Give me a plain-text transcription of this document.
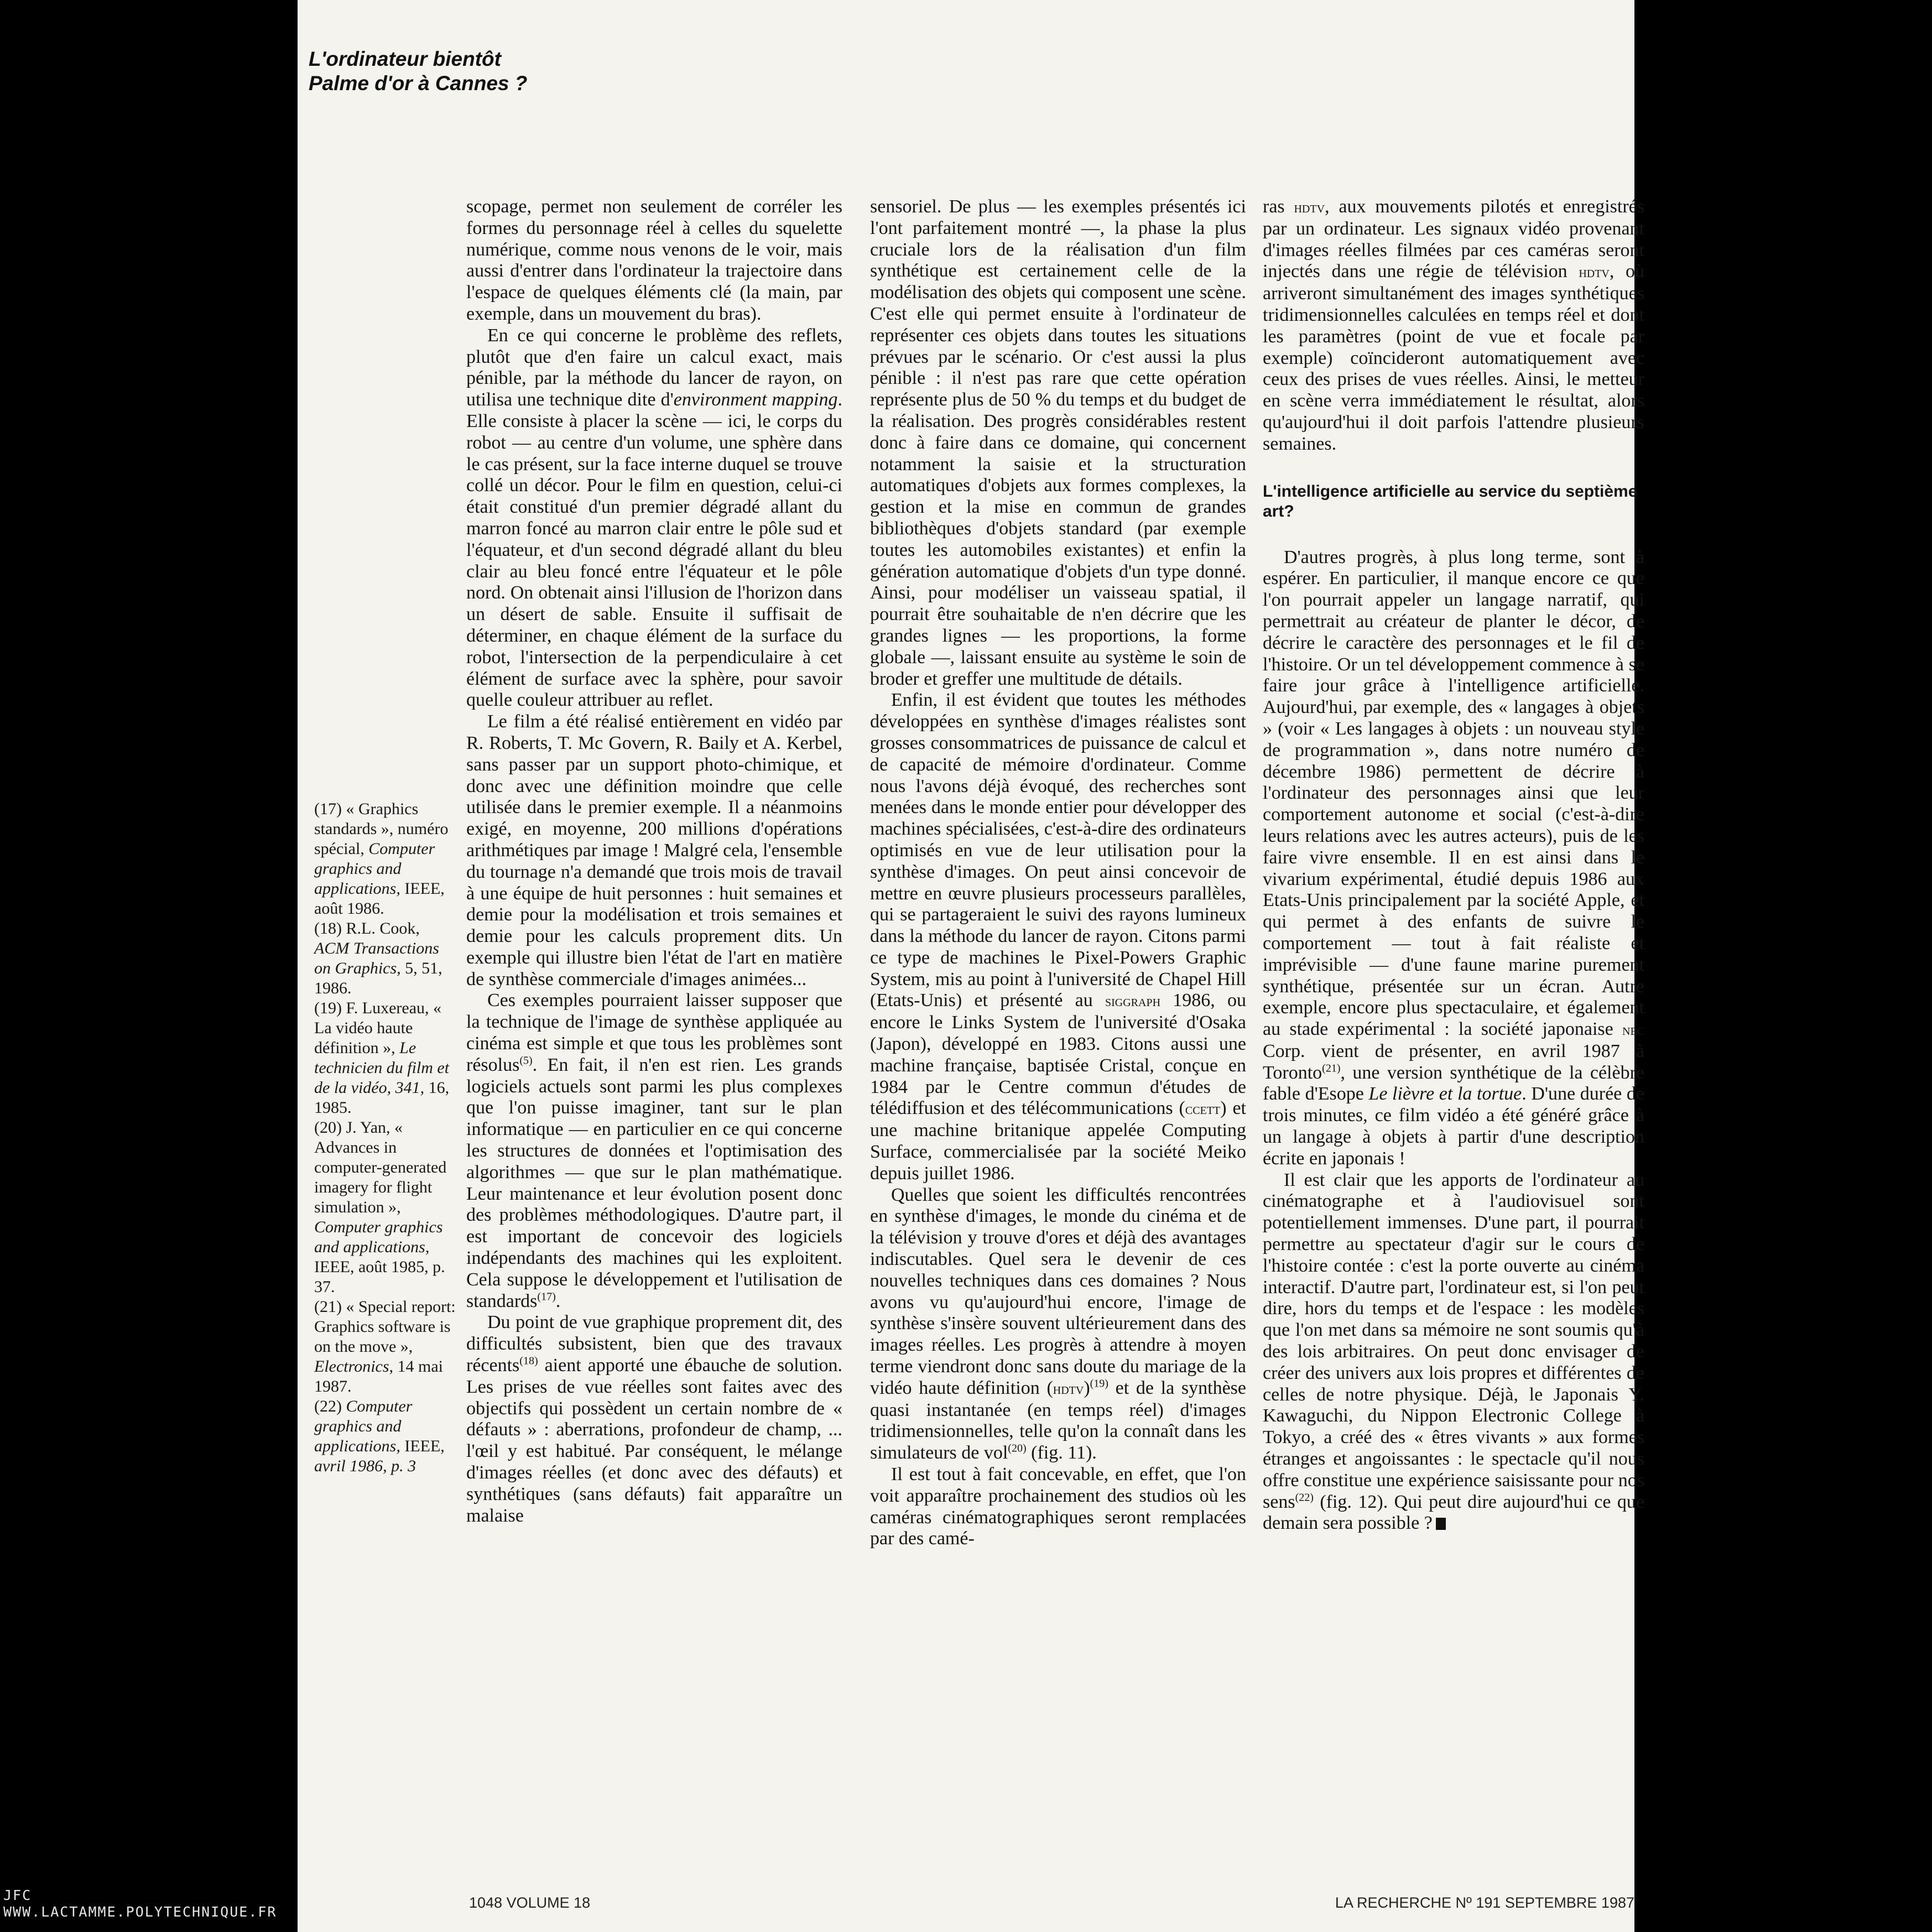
L'ordinateur bientôt
Palme d'or à Cannes ?

(17) « Graphics standards », numéro spécial, Computer graphics and applications, IEEE, août 1986.

(18) R.L. Cook, ACM Transactions on Graphics, 5, 51, 1986.

(19) F. Luxereau, « La vidéo haute définition », Le technicien du film et de la vidéo, 341, 16, 1985.

(20) J. Yan, « Advances in computer-generated imagery for flight simulation », Computer graphics and applications, IEEE, août 1985, p. 37.

(21) « Special report: Graphics software is on the move », Electronics, 14 mai 1987.

(22) Computer graphics and applications, IEEE,

avril 1986, p. 3

scopage, permet non seulement de corréler les formes du personnage réel à celles du squelette numérique, comme nous venons de le voir, mais aussi d'entrer dans l'ordinateur la trajectoire dans l'espace de quelques éléments clé (la main, par exemple, dans un mouvement du bras).

En ce qui concerne le problème des reflets, plutôt que d'en faire un calcul exact, mais pénible, par la méthode du lancer de rayon, on utilisa une technique dite d'environment mapping. Elle consiste à placer la scène — ici, le corps du robot — au centre d'un volume, une sphère dans le cas présent, sur la face interne duquel se trouve collé un décor. Pour le film en question, celui-ci était constitué d'un premier dégradé allant du marron foncé au marron clair entre le pôle sud et l'équateur, et d'un second dégradé allant du bleu clair au bleu foncé entre l'équateur et le pôle nord. On obtenait ainsi l'illusion de l'horizon dans un désert de sable. Ensuite il suffisait de déterminer, en chaque élément de la surface du robot, l'intersection de la perpendiculaire à cet élément de surface avec la sphère, pour savoir quelle couleur attribuer au reflet.

Le film a été réalisé entièrement en vidéo par R. Roberts, T. Mc Govern, R. Baily et A. Kerbel, sans passer par un support photo-chimique, et donc avec une définition moindre que celle utilisée dans le premier exemple. Il a néanmoins exigé, en moyenne, 200 millions d'opérations arithmétiques par image ! Malgré cela, l'ensemble du tournage n'a demandé que trois mois de travail à une équipe de huit personnes : huit semaines et demie pour la modélisation et trois semaines et demie pour les calculs proprement dits. Un exemple qui illustre bien l'état de l'art en matière de synthèse commerciale d'images animées...

Ces exemples pourraient laisser supposer que la technique de l'image de synthèse appliquée au cinéma est simple et que tous les problèmes sont résolus$^{(5)}$. En fait, il n'en est rien. Les grands logiciels actuels sont parmi les plus complexes que l'on puisse imaginer, tant sur le plan informatique — en particulier en ce qui concerne les structures de données et l'optimisation des algorithmes — que sur le plan mathématique. Leur maintenance et leur évolution posent donc des problèmes méthodologiques. D'autre part, il est important de concevoir des logiciels indépendants des machines qui les exploitent. Cela suppose le développement et l'utilisation de standards$^{(17)}$.

Du point de vue graphique proprement dit, des difficultés subsistent, bien que des travaux récents$^{(18)}$ aient apporté une ébauche de solution. Les prises de vue réelles sont faites avec des objectifs qui possèdent un certain nombre de « défauts » : aberrations, profondeur de champ, ... l'œil y est habitué. Par conséquent, le mélange d'images réelles (et donc avec des défauts) et synthétiques (sans défauts) fait apparaître un malaise

sensoriel. De plus — les exemples présentés ici l'ont parfaitement montré —, la phase la plus cruciale lors de la réalisation d'un film synthétique est certainement celle de la modélisation des objets qui composent une scène. C'est elle qui permet ensuite à l'ordinateur de représenter ces objets dans toutes les situations prévues par le scénario. Or c'est aussi la plus pénible : il n'est pas rare que cette opération représente plus de 50 % du temps et du budget de la réalisation. Des progrès considérables restent donc à faire dans ce domaine, qui concernent notamment la saisie et la structuration automatiques d'objets aux formes complexes, la gestion et la mise en commun de grandes bibliothèques d'objets standard (par exemple toutes les automobiles existantes) et enfin la génération automatique d'objets d'un type donné. Ainsi, pour modéliser un vaisseau spatial, il pourrait être souhaitable de n'en décrire que les grandes lignes — les proportions, la forme globale —, laissant ensuite au système le soin de broder et greffer une multitude de détails.

Enfin, il est évident que toutes les méthodes développées en synthèse d'images réalistes sont grosses consommatrices de puissance de calcul et de capacité de mémoire d'ordinateur. Comme nous l'avons déjà évoqué, des recherches sont menées dans le monde entier pour développer des machines spécialisées, c'est-à-dire des ordinateurs optimisés en vue de leur utilisation pour la synthèse d'images. On peut ainsi concevoir de mettre en œuvre plusieurs processeurs parallèles, qui se partageraient le suivi des rayons lumineux dans la méthode du lancer de rayon. Citons parmi ce type de machines le Pixel-Powers Graphic System, mis au point à l'université de Chapel Hill (Etats-Unis) et présenté au siggraph 1986, ou encore le Links System de l'université d'Osaka (Japon), développé en 1983. Citons aussi une machine française, baptisée Cristal, conçue en 1984 par le Centre commun d'études de télédiffusion et des télécommunications (ccett) et une machine britanique appelée Computing Surface, commercialisée par la société Meiko depuis juillet 1986.

Quelles que soient les difficultés rencontrées en synthèse d'images, le monde du cinéma et de la télévision y trouve d'ores et déjà des avantages indiscutables. Quel sera le devenir de ces nouvelles techniques dans ces domaines ? Nous avons vu qu'aujourd'hui encore, l'image de synthèse s'insère souvent ultérieurement dans des images réelles. Les progrès à attendre à moyen terme viendront donc sans doute du mariage de la vidéo haute définition (hdtv)$^{(19)}$ et de la synthèse quasi instantanée (en temps réel) d'images tridimensionnelles, telle qu'on la connaît dans les simulateurs de vol$^{(20)}$ (fig. 11).

Il est tout à fait concevable, en effet, que l'on voit apparaître prochainement des studios où les caméras cinématographiques seront remplacées par des camé-

ras hdtv, aux mouvements pilotés et enregistrés par un ordinateur. Les signaux vidéo provenant d'images réelles filmées par ces caméras seront injectés dans une régie de télévision hdtv, où arriveront simultanément des images synthétiques tridimensionnelles calculées en temps réel et dont les paramètres (point de vue et focale par exemple) coïncideront automatiquement avec ceux des prises de vues réelles. Ainsi, le metteur en scène verra immédiatement le résultat, alors qu'aujourd'hui il doit parfois l'attendre plusieurs semaines.

L'intelligence artificielle au service du septième art?

D'autres progrès, à plus long terme, sont à espérer. En particulier, il manque encore ce que l'on pourrait appeler un langage narratif, qui permettrait au créateur de planter le décor, de décrire le caractère des personnages et le fil de l'histoire. Or un tel développement commence à se faire jour grâce à l'intelligence artificielle. Aujourd'hui, par exemple, des « langages à objets » (voir « Les langages à objets : un nouveau style de programmation », dans notre numéro de décembre 1986) permettent de décrire à l'ordinateur des personnages ainsi que leur comportement autonome et social (c'est-à-dire leurs relations avec les autres acteurs), puis de les faire vivre ensemble. Il en est ainsi dans le vivarium expérimental, étudié depuis 1986 aux Etats-Unis principalement par la société Apple, et qui permet à des enfants de suivre le comportement — tout à fait réaliste et imprévisible — d'une faune marine purement synthétique, présentée sur un écran. Autre exemple, encore plus spectaculaire, et également au stade expérimental : la société japonaise nec Corp. vient de présenter, en avril 1987 à Toronto$^{(21)}$, une version synthétique de la célèbre fable d'Esope Le lièvre et la tortue. D'une durée de trois minutes, ce film vidéo a été généré grâce à un langage à objets à partir d'une description écrite en japonais !

Il est clair que les apports de l'ordinateur au cinématographe et à l'audiovisuel sont potentiellement immenses. D'une part, il pourrait permettre au spectateur d'agir sur le cours de l'histoire contée : c'est la porte ouverte au cinéma interactif. D'autre part, l'ordinateur est, si l'on peut dire, hors du temps et de l'espace : les modèles que l'on met dans sa mémoire ne sont soumis qu'à des lois arbitraires. On peut donc envisager de créer des univers aux lois propres et différentes de celles de notre physique. Déjà, le Japonais Y. Kawaguchi, du Nippon Electronic College à Tokyo, a créé des « êtres vivants » aux formes étranges et angoissantes : le spectacle qu'il nous offre constitue une expérience saisissante pour nos sens$^{(22)}$ (fig. 12). Qui peut dire aujourd'hui ce que demain sera possible ?

1048 VOLUME 18	LA RECHERCHE Nº 191 SEPTEMBRE 1987
JFC
WWW.LACTAMME.POLYTECHNIQUE.FR
